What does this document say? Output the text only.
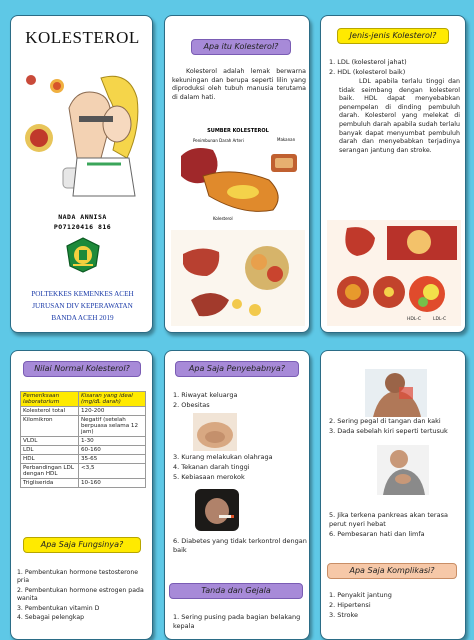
KOLESTEROL
NADA ANNISA
PO7120416 816
POLTEKKES KEMENKES ACEH
JURUSAN DIV KEPERAWATAN
BANDA ACEH 2019
Apa itu Kolesterol?
Kolesterol adalah lemak berwarna kekuningan dan berupa seperti lilin yang diproduksi oleh tubuh manusia terutama di dalam hati.
SUMBER KOLESTEROL
Penimbunan Darah Arteri	Makanan
Kolesterol
Jenis-jenis Kolesterol?
1. LDL (kolesterol jahat)
2. HDL (kolesterol baik)
LDL apabila terlalu tinggi dan tidak seimbang dengan kolesterol baik. HDL dapat menyebabkan penempelan di dinding pembuluh darah. Kolesterol yang melekat di pembuluh darah apabila sudah terlalu banyak dapat menyumbat pembuluh darah dan menyebabkan terjadinya serangan jantung dan stroke.
HDL-C	LDL-C
Nilai Normal Kolesterol?
Pemeriksaan laboratorium	Kisaran yang ideal (mg/dL darah)
Kolesterol total	120-200
Kilomikron	Negatif (setelah berpuasa selama 12 jam)
VLDL	1-30
LDL	60-160
HDL	35-65
Perbandingan LDL dengan HDL	<3,5
Trigliserida	10-160
Apa Saja Fungsinya?
1. Pembentukan hormone testosterone pria
2. Pembentukan hormone estrogen pada wanita
3. Pembentukan vitamin D
4. Sebagai pelengkap
Apa Saja Penyebabnya?
1. Riwayat keluarga
2. Obesitas
3. Kurang melakukan olahraga
4. Tekanan darah tinggi
5. Kebiasaan merokok
6. Diabetes yang tidak terkontrol dengan baik
Tanda dan Gejala
1. Sering pusing pada bagian belakang kepala
2. Sering pegal di tangan dan kaki
3. Dada sebelah kiri seperti tertusuk
5. Jika terkena pankreas akan terasa perut nyeri hebat
6. Pembesaran hati dan limfa
Apa Saja Komplikasi?
1. Penyakit jantung
2. Hipertensi
3. Stroke
